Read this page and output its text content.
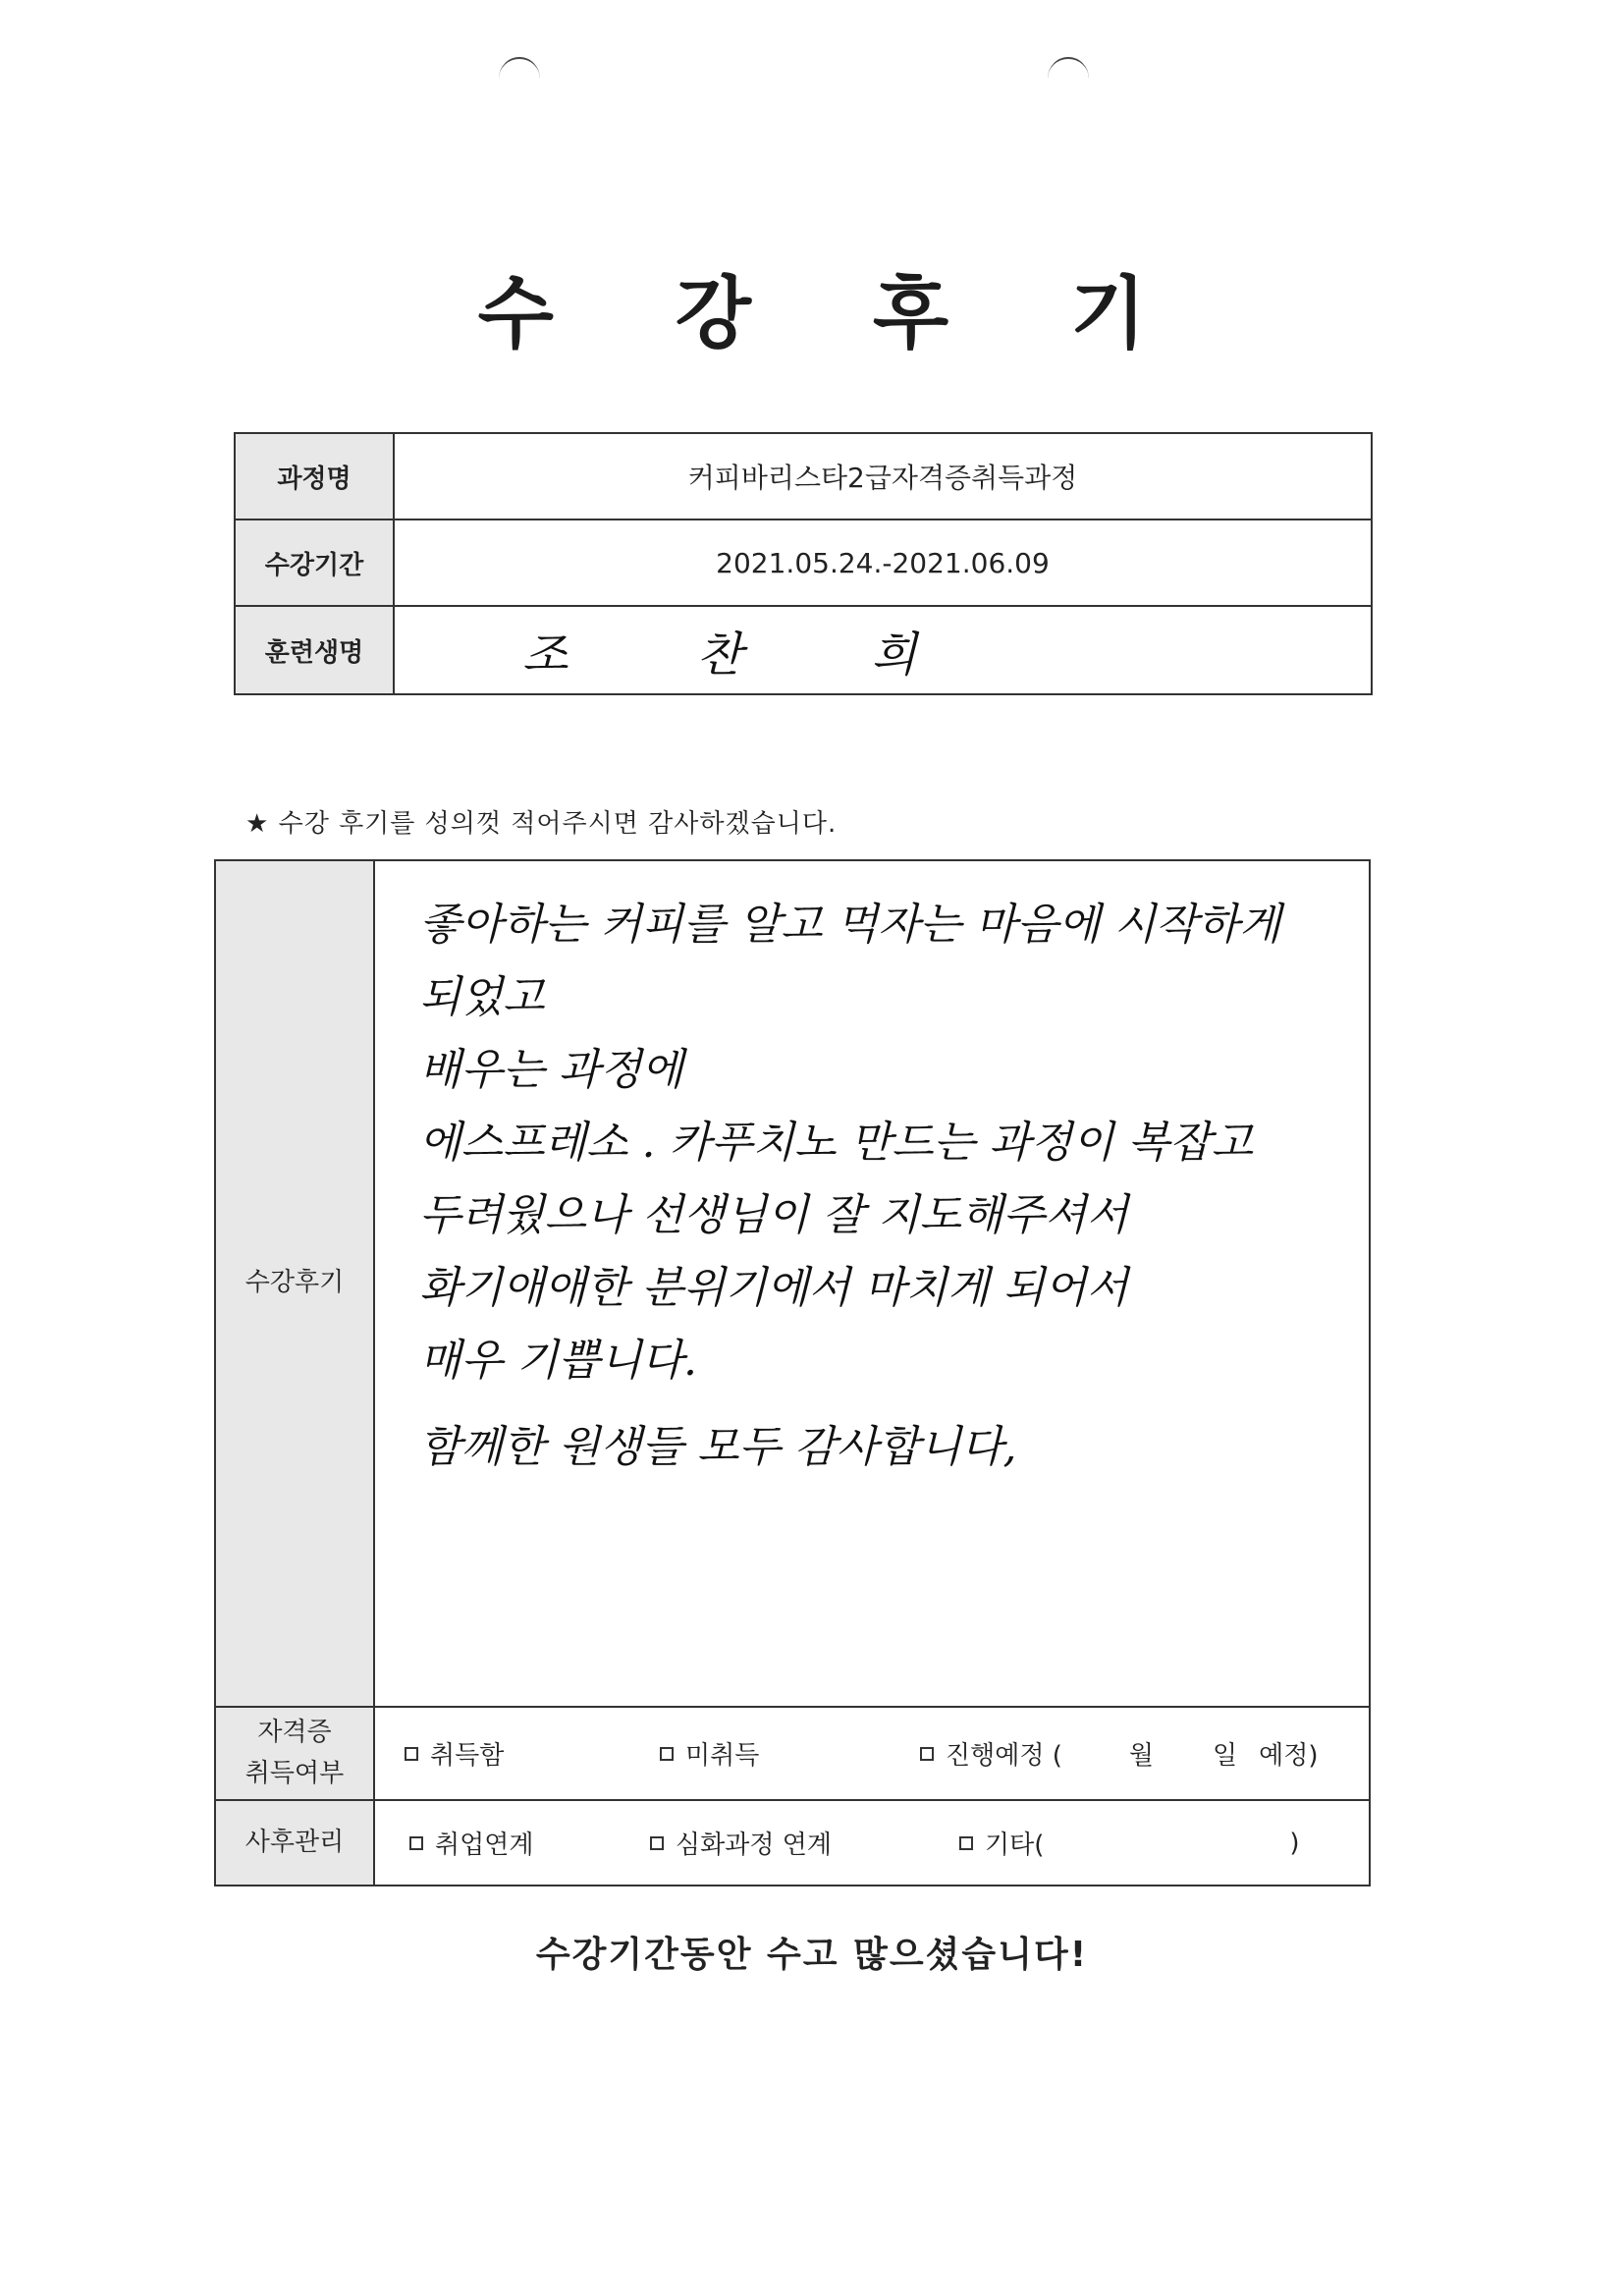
수 강 후 기
과정명	커피바리스타2급자격증취득과정
수강기간	2021.05.24.-2021.06.09
훈련생명	조 찬 희
★ 수강 후기를 성의껏 적어주시면 감사하겠습니다.
수강후기
좋아하는 커피를 알고 먹자는 마음에 시작하게
되었고
배우는 과정에
에스프레소 . 카푸치노 만드는 과정이 복잡고
두려웠으나 선생님이 잘 지도해주셔서
화기애애한 분위기에서 마치게 되어서
매우 기쁩니다.
함께한 원생들 모두 감사합니다,
자격증
취득여부
취득함	미취득	진행예정 (	월 일 예정)
사후관리	취업연계	심화과정 연계	기타(	)
수강기간동안 수고 많으셨습니다!
